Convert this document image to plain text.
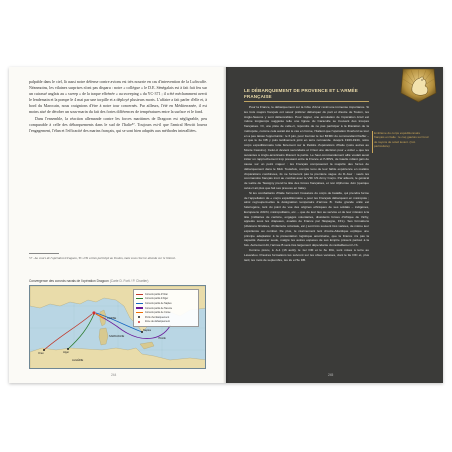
palpable dans le ciel, là aussi notre défense contre avions est très nourrie en cas d'intervention de la Luftwaffe. Néanmoins, les vilaines surprises n'ont pas disparu : notre « collègue » le D.E. Sénégalais est à fait fait feu sur un cuirassé anglais au « sweep » de la traque effrénée « au sweeping » du YC-371 ; il a été méchamment averti le lendemain et la pompe le 4 mai par une torpille et a déployé plusieurs morts. L'affaire a fait parler d'elle et, à bord du Marocain, nous craignions d'être à notre tour concernés. Par ailleurs, l'été en Méditerranée, il est moins aisé de dérober un sous-marin du fait des fortes différences de températures entre la surface et le fond.

Dans l'ensemble, la réaction allemande contre les forces maritimes de Dragoon est négligeable, peu comparable à celle des débarquements dans le sud de l'Italie⁵⁷. Toujours est-il que l'amiral Hewitt louera l'engagement, l'élan et l'efficacité des marins français, qui se sont bien adaptés aux méthodes interalliées.

57 . Au cours de l'opération Dragoon, YC-239 a bien participé au Toulon, mais sous réserve attendu sur le littoral.
Convergence des convois navals de l'opération Dragoon (Carte D. Forti / P. Chartier)
ITALIE
CORSE
SARDAIGNE
ALGÉRIE
Oran	Alger
Naples
Convois partis d'Oran
Convois partis d'Alger
Convois partis de Naples
Convois partis de Tarente
Convois partis de Corse
Ports d'embarquement
Zone de débarquement
244
LE DÉBARQUEMENT DE PROVENCE ET L'ARMÉE FRANÇAISE

Pour la France, le débarquement sur la Côte d'Azur revêt une immense importance. Si les trois majors français ont savoir préférer débarquer du part et d'autre de Toulon, les Anglo-Saxons y sont défavorables. Pour rappel, une annulation de l'opération Anvil est même longtemps suggérée telle une lignée du Caraculle se trouvant des troupes françaises. Or, une piste de celle-ci, répondre de ne pas participer à la libération de la métropole, comme cela aurait été le cas en Corse, l'Italient que l'opération Overlord se tour en a peu laissé l'opportunité : le 6 juin, pour fournier le 1er BFMC du commandant Kieffer – et que le 2e DB y puis tardivement joint en terre normande. Jusqu'à 1943-1944, notre corps expéditionnaire lutte fièrement sur la théâtre d'opérations d'Italie (voire autres au Monte Cassino). Celui-ci devient secondaire et il faut une décision pour « éviter » que les suivantes à Anglo-américains libèrent la patrie. Le haut-commandement allié voulait aussi initier un rapprochement trop pressant entre la France et l'URSS, de Gaulle ndiant gain de cause sur un point majeur : les Français composeront la majorité des forces de débarquement dans le Midi. Toutefois, compte tenu de leur faible expérience en matière d'opérations combinées, ils ne formeront pas la première vague du D-Jour : seuls les commandos français iront au combat avec le VIth US Army Corps. Par ailleurs, le général de Lattre de Tassigny prend la tête des forces françaises, et non Alphonse Juin (quoique celui-ci ait plus que fait ses preuves en Italie).

Si les combattants d'Italie formeront l'ossature du corps de bataille, qui prendra forme de l'appellation de « corps expéditionnaire » pour les Français débarquant en métropole ; ainsi regroupent-elles la désignation temporaire d'armée B. Cette grande unité est hétérogène, tant du point de vue des origines ethniques de ses soldats – indigènes, Européens d'AFN, métropolitains, etc. – que de leur lien au service et de leur mission à la tête (militaires de carrière, engagés volontaires, dissidents forces d'Afrique de Vichy, appelés sous les drapeaux, évadés de France par l'Espagne, FFL). Ses formations (divisions blindées, d'infanterie coloniale, etc.) sont très souvent très variées, de même leur expérience au combat. De plus, le réarmement lent d'outre-Atlantique explique une principe adaptation à la présentation logistique américaine, que la France n'a pas la capacité d'assurer seule, malgré les autres espaces de ses Empire présent partout à la fois. Autrement dit, l'armée B sera très largement dépendante du ravitaillement U.S.

Comme prévu, à J+1 (16 août), le 1er DM et le 3e DIA, sont mises à terre au Lavandou. D'autres formations les suivront sur les côtes varoises, dont le 9e DIC et, plus tard, les mois de septembre, les 2e et 5e DB.

Emblème du corps expéditionnaire français en Italie : le coq gaulois sur fond de rayons de soleil levant. (Col. particulière)
245
